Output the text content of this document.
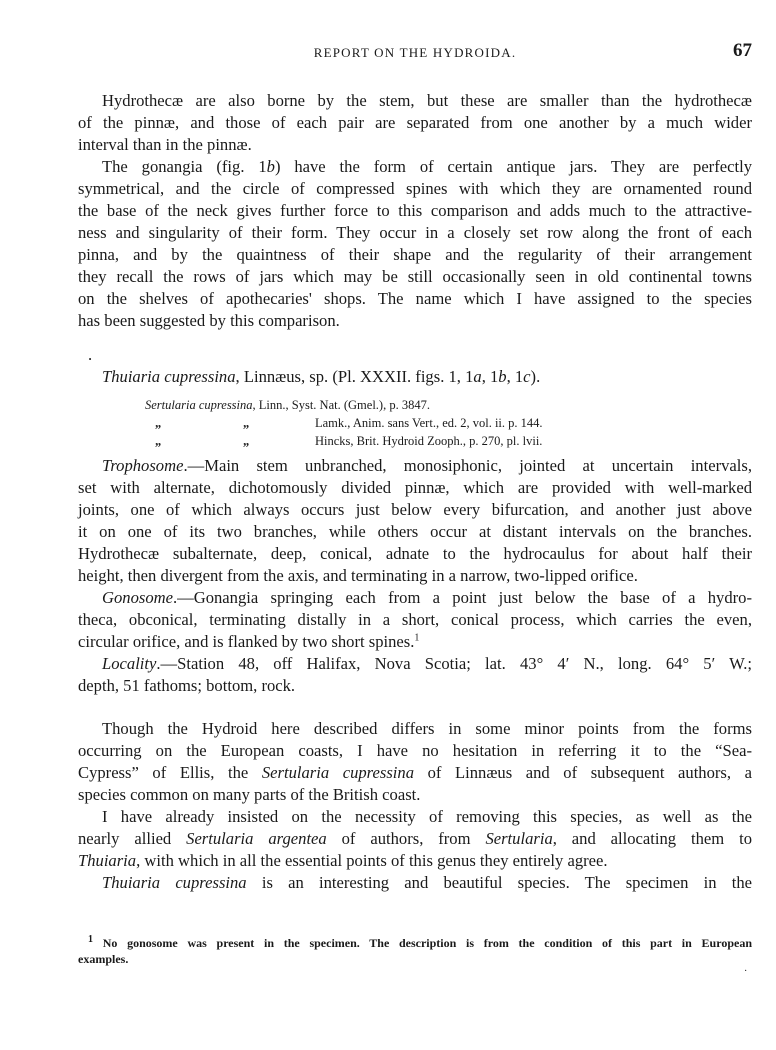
REPORT ON THE HYDROIDA.	67
Hydrothecæ are also borne by the stem, but these are smaller than the hydrothecæ
of the pinnæ, and those of each pair are separated from one another by a much wider
interval than in the pinnæ.
The gonangia (fig. 1b) have the form of certain antique jars. They are perfectly
symmetrical, and the circle of compressed spines with which they are ornamented round
the base of the neck gives further force to this comparison and adds much to the attractive-
ness and singularity of their form. They occur in a closely set row along the front of each
pinna, and by the quaintness of their shape and the regularity of their arrangement
they recall the rows of jars which may be still occasionally seen in old continental towns
on the shelves of apothecaries' shops. The name which I have assigned to the species
has been suggested by this comparison.
.
Thuiaria cupressina, Linnæus, sp. (Pl. XXXII. figs. 1, 1a, 1b, 1c).
Sertularia cupressina , Linn., Syst. Nat. (Gmel.), p. 3847.
„	„	Lamk., Anim. sans Vert., ed. 2, vol. ii. p. 144.
„	„	Hincks, Brit. Hydroid Zooph., p. 270, pl. lvii.
Trophosome.—Main stem unbranched, monosiphonic, jointed at uncertain intervals,
set with alternate, dichotomously divided pinnæ, which are provided with well-marked
joints, one of which always occurs just below every bifurcation, and another just above
it on one of its two branches, while others occur at distant intervals on the branches.
Hydrothecæ subalternate, deep, conical, adnate to the hydrocaulus for about half their
height, then divergent from the axis, and terminating in a narrow, two-lipped orifice.
Gonosome.—Gonangia springing each from a point just below the base of a hydro-
theca, obconical, terminating distally in a short, conical process, which carries the even,
circular orifice, and is flanked by two short spines.$^1$
Locality.—Station 48, off Halifax, Nova Scotia; lat. 43° 4′ N., long. 64° 5′ W.;
depth, 51 fathoms; bottom, rock.
Though the Hydroid here described differs in some minor points from the forms
occurring on the European coasts, I have no hesitation in referring it to the “Sea-
Cypress” of Ellis, the Sertularia cupressina of Linnæus and of subsequent authors, a
species common on many parts of the British coast.
I have already insisted on the necessity of removing this species, as well as the
nearly allied Sertularia argentea of authors, from Sertularia, and allocating them to
Thuiaria, with which in all the essential points of this genus they entirely agree.
Thuiaria cupressina is an interesting and beautiful species. The specimen in the
$^1$ No gonosome was present in the specimen. The description is from the condition of this part in European
examples.
·
